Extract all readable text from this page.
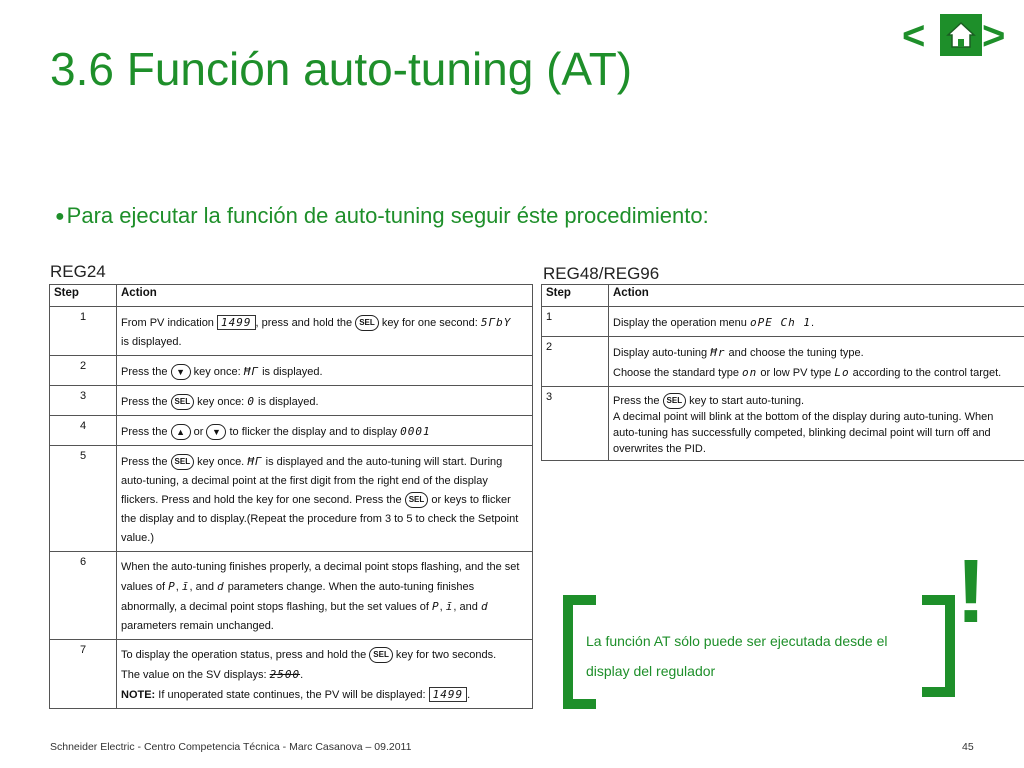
3.6 Función auto-tuning (AT)
< >
●Para ejecutar la función de auto-tuning seguir éste procedimiento:
REG24
Step	Action
1	From PV indication 1499 , press and hold the SEL key for one second: 5ΓbY
is displayed.
2	Press the ▼ key once: ĦΓ is displayed.
3	Press the SEL key once: 0 is displayed.
4	Press the ▲ or ▼ to flicker the display and to display 0001
5	Press the SEL key once. ĦΓ is displayed and the auto-tuning will start. During auto-tuning, a decimal point at the first digit from the right end of the display flickers. Press and hold the key for one second. Press the SEL or keys to flicker the display and to display.(Repeat the procedure from 3 to 5 to check the Setpoint value.)
6	When the auto-tuning finishes properly, a decimal point stops flashing, and the set values of P, ī, and d parameters change. When the auto-tuning finishes abnormally, a decimal point stops flashing, but the set values of P, ī, and d parameters remain unchanged.
7	To display the operation status, press and hold the SEL key for two seconds.
The value on the SV displays: 2500.
NOTE: If unoperated state continues, the PV will be displayed: 1499 .
REG48/REG96
Step	Action
1	Display the operation menu oPE Ch 1.
2	Display auto-tuning Ħr and choose the tuning type.
Choose the standard type on or low PV type Lo according to the control target.
3	Press the SEL key to start auto-tuning.
A decimal point will blink at the bottom of the display during auto-tuning. When auto-tuning has successfully competed, blinking decimal point will turn off and overwrites the PID.
!
La función AT sólo puede ser ejecutada desde el display del regulador
Schneider Electric - Centro Competencia Técnica - Marc Casanova – 09.2011	45
